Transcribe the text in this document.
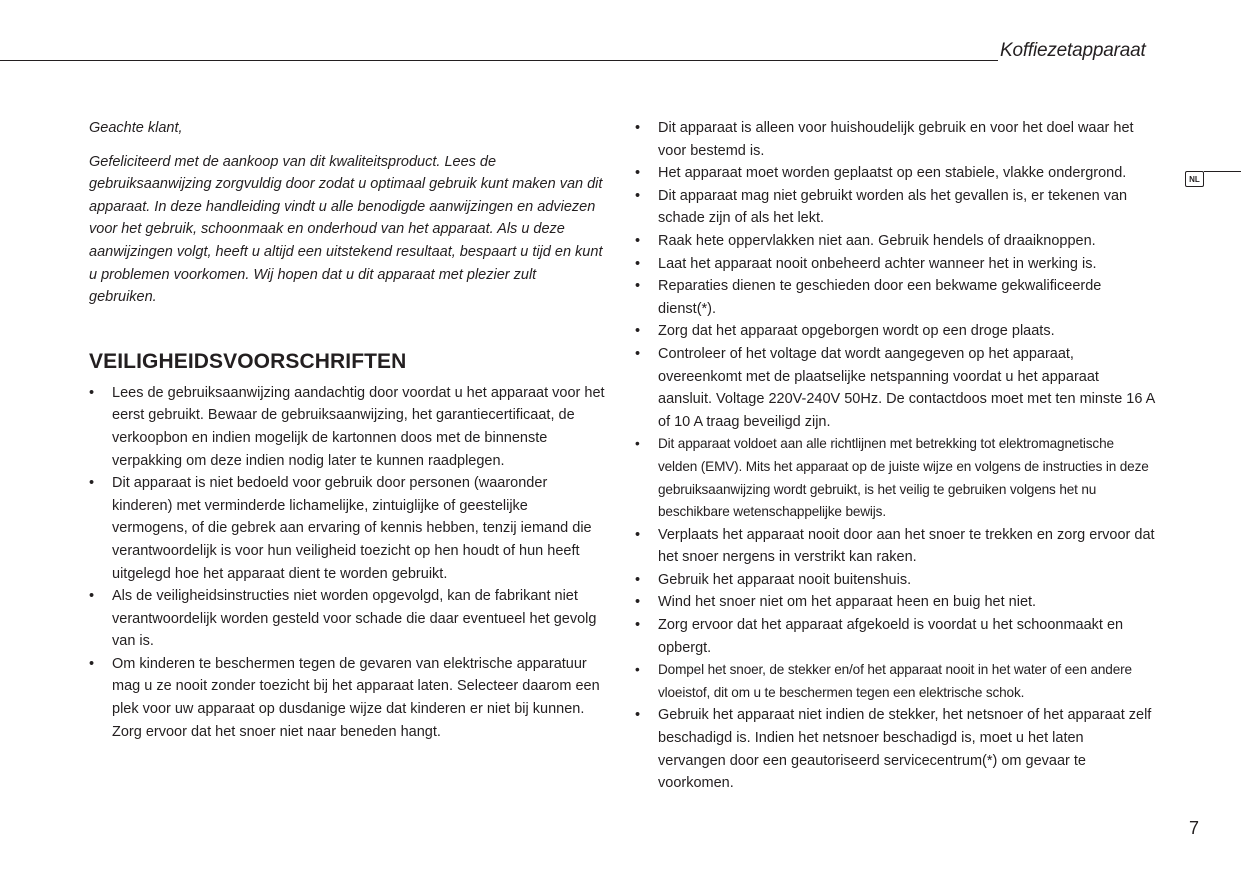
Koffiezetapparaat
NL

Geachte klant,

Gefeliciteerd met de aankoop van dit kwaliteitsproduct. Lees de gebruiksaanwijzing zorgvuldig door zodat u optimaal gebruik kunt maken van dit apparaat. In deze handleiding vindt u alle benodigde aanwijzingen en adviezen voor het gebruik, schoonmaak en onderhoud van het apparaat. Als u deze aanwijzingen volgt, heeft u altijd een uitstekend resultaat, bespaart u tijd en kunt u problemen voorkomen. Wij hopen dat u dit apparaat met plezier zult gebruiken.

VEILIGHEIDSVOORSCHRIFTEN
• Lees de gebruiksaanwijzing aandachtig door voordat u het apparaat voor het eerst gebruikt. Bewaar de gebruiksaanwijzing, het garantiecertificaat, de verkoopbon en indien mogelijk de kartonnen doos met de binnenste verpakking om deze indien nodig later te kunnen raadplegen.
• Dit apparaat is niet bedoeld voor gebruik door personen (waaronder kinderen) met verminderde lichamelijke, zintuiglijke of geestelijke vermogens, of die gebrek aan ervaring of kennis hebben, tenzij iemand die verantwoordelijk is voor hun veiligheid toezicht op hen houdt of hun heeft uitgelegd hoe het apparaat dient te worden gebruikt.
• Als de veiligheidsinstructies niet worden opgevolgd, kan de fabrikant niet verantwoordelijk worden gesteld voor schade die daar eventueel het gevolg van is.
• Om kinderen te beschermen tegen de gevaren van elektrische apparatuur mag u ze nooit zonder toezicht bij het apparaat laten. Selecteer daarom een plek voor uw apparaat op dusdanige wijze dat kinderen er niet bij kunnen. Zorg ervoor dat het snoer niet naar beneden hangt.
• Dit apparaat is alleen voor huishoudelijk gebruik en voor het doel waar het voor bestemd is.
• Het apparaat moet worden geplaatst op een stabiele, vlakke ondergrond.
• Dit apparaat mag niet gebruikt worden als het gevallen is, er tekenen van schade zijn of als het lekt.
• Raak hete oppervlakken niet aan. Gebruik hendels of draaiknoppen.
• Laat het apparaat nooit onbeheerd achter wanneer het in werking is.
• Reparaties dienen te geschieden door een bekwame gekwalificeerde dienst(*).
• Zorg dat het apparaat opgeborgen wordt op een droge plaats.
• Controleer of het voltage dat wordt aangegeven op het apparaat, overeenkomt met de plaatselijke netspanning voordat u het apparaat aansluit. Voltage 220V-240V 50Hz. De contactdoos moet met ten minste 16 A of 10 A traag beveiligd zijn.
• Dit apparaat voldoet aan alle richtlijnen met betrekking tot elektromagnetische velden (EMV). Mits het apparaat op de juiste wijze en volgens de instructies in deze gebruiksaanwijzing wordt gebruikt, is het veilig te gebruiken volgens het nu beschikbare wetenschappelijke bewijs.
• Verplaats het apparaat nooit door aan het snoer te trekken en zorg ervoor dat het snoer nergens in verstrikt kan raken.
• Gebruik het apparaat nooit buitenshuis.
• Wind het snoer niet om het apparaat heen en buig het niet.
• Zorg ervoor dat het apparaat afgekoeld is voordat u het schoonmaakt en opbergt.
• Dompel het snoer, de stekker en/of het apparaat nooit in het water of een andere vloeistof, dit om u te beschermen tegen een elektrische schok.
• Gebruik het apparaat niet indien de stekker, het netsnoer of het apparaat zelf beschadigd is. Indien het netsnoer beschadigd is, moet u het laten vervangen door een geautoriseerd servicecentrum(*) om gevaar te voorkomen.
7
